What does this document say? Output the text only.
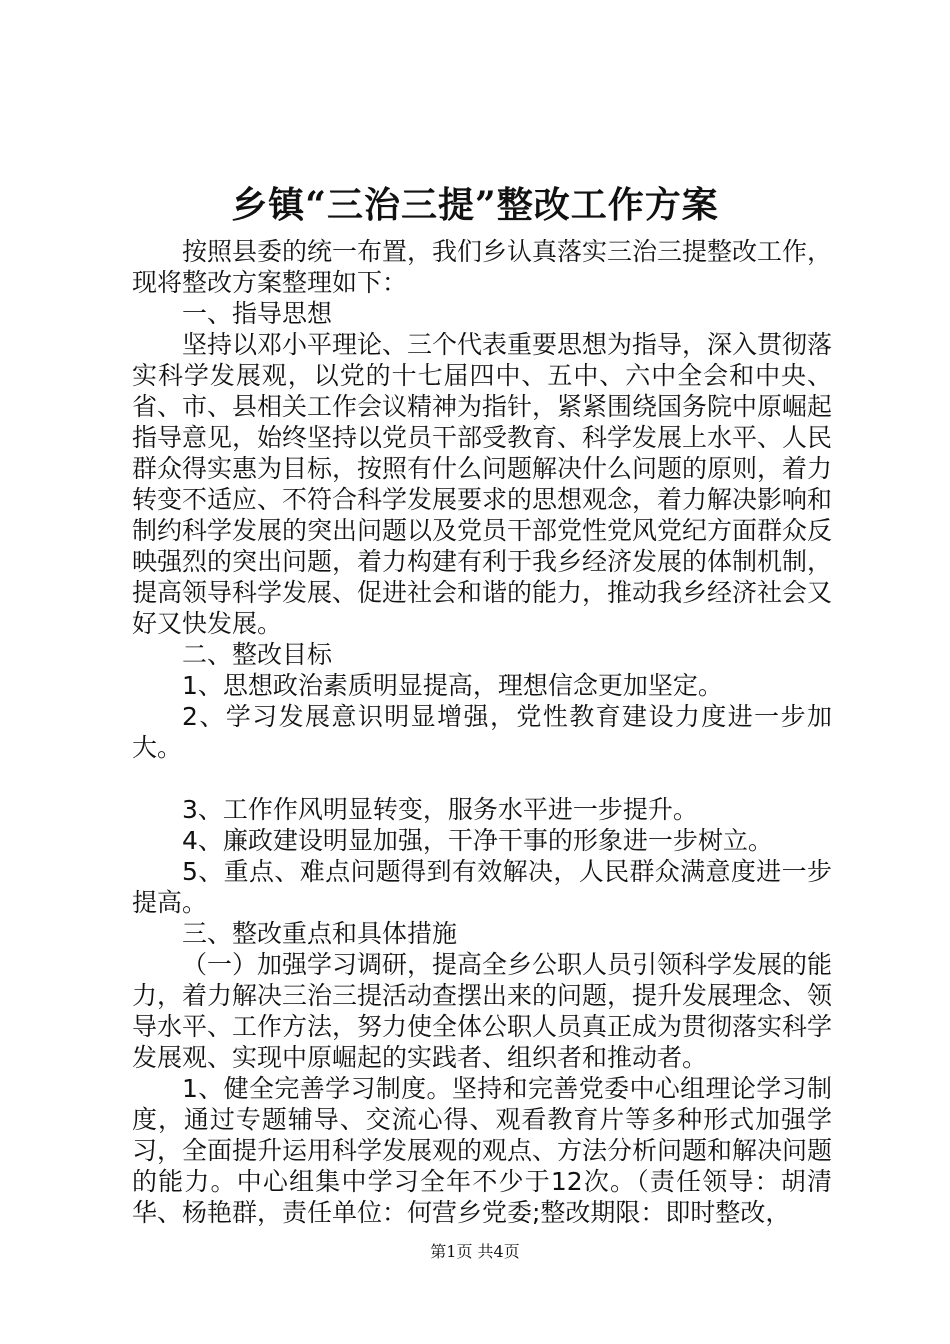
乡镇“三治三提”整改工作方案

按照县委的统一布置，我们乡认真落实三治三提整改工作，现将整改方案整理如下：

一、指导思想

坚持以邓小平理论、三个代表重要思想为指导，深入贯彻落实科学发展观，以党的十七届四中、五中、六中全会和中央、省、市、县相关工作会议精神为指针，紧紧围绕国务院中原崛起指导意见，始终坚持以党员干部受教育、科学发展上水平、人民群众得实惠为目标，按照有什么问题解决什么问题的原则，着力转变不适应、不符合科学发展要求的思想观念，着力解决影响和制约科学发展的突出问题以及党员干部党性党风党纪方面群众反映强烈的突出问题，着力构建有利于我乡经济发展的体制机制，提高领导科学发展、促进社会和谐的能力，推动我乡经济社会又好又快发展。

二、整改目标

1、思想政治素质明显提高，理想信念更加坚定。

2、学习发展意识明显增强，党性教育建设力度进一步加大。

3、工作作风明显转变，服务水平进一步提升。

4、廉政建设明显加强，干净干事的形象进一步树立。

5、重点、难点问题得到有效解决，人民群众满意度进一步提高。

三、整改重点和具体措施

（一）加强学习调研，提高全乡公职人员引领科学发展的能力，着力解决三治三提活动查摆出来的问题，提升发展理念、领导水平、工作方法，努力使全体公职人员真正成为贯彻落实科学发展观、实现中原崛起的实践者、组织者和推动者。

1、健全完善学习制度。坚持和完善党委中心组理论学习制度，通过专题辅导、交流心得、观看教育片等多种形式加强学习，全面提升运用科学发展观的观点、方法分析问题和解决问题的能力。中心组集中学习全年不少于12次。（责任领导：胡清华、杨艳群，责任单位：何营乡党委;整改期限：即时整改，

第1页 共4页
